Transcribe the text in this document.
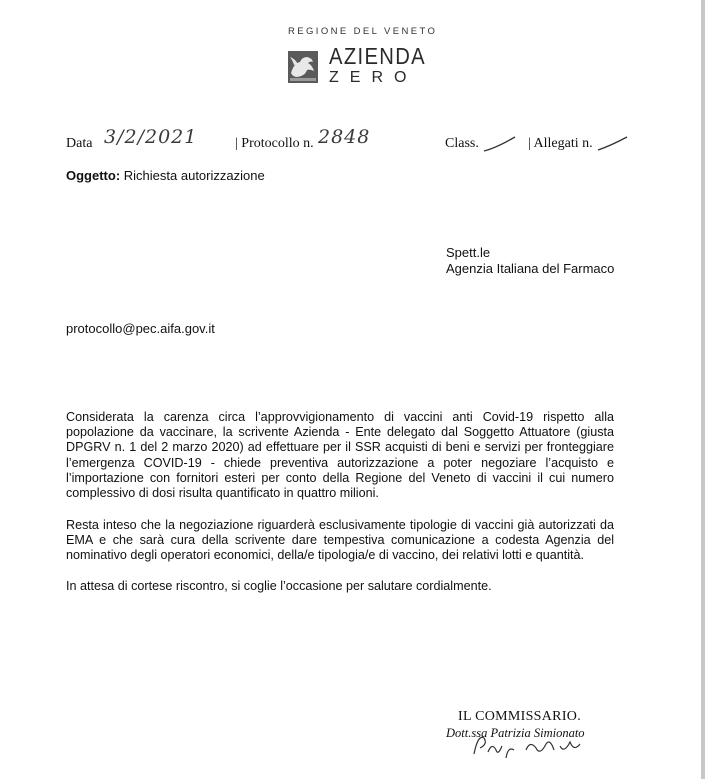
REGIONE DEL VENETO
AZIENDA
ZERO
Data 3/2/2021	| Protocollo n. 2848	Class.	| Allegati n.
Oggetto: Richiesta autorizzazione
Spett.le
Agenzia Italiana del Farmaco
protocollo@pec.aifa.gov.it

Considerata la carenza circa l’approvvigionamento di vaccini anti Covid-19 rispetto alla popolazione da vaccinare, la scrivente Azienda - Ente delegato dal Soggetto Attuatore (giusta DPGRV n. 1 del 2 marzo 2020) ad effettuare per il SSR acquisti di beni e servizi per fronteggiare l’emergenza COVID-19 - chiede preventiva autorizzazione a poter negoziare l’acquisto e l’importazione con fornitori esteri per conto della Regione del Veneto di vaccini il cui numero complessivo di dosi risulta quantificato in quattro milioni.

Resta inteso che la negoziazione riguarderà esclusivamente tipologie di vaccini già autorizzati da EMA e che sarà cura della scrivente dare tempestiva comunicazione a codesta Agenzia del nominativo degli operatori economici, della/e tipologia/e di vaccino, dei relativi lotti e quantità.

In attesa di cortese riscontro, si coglie l’occasione per salutare cordialmente.

IL COMMISSARIO.
Dott.ssa Patrizia Simionato
